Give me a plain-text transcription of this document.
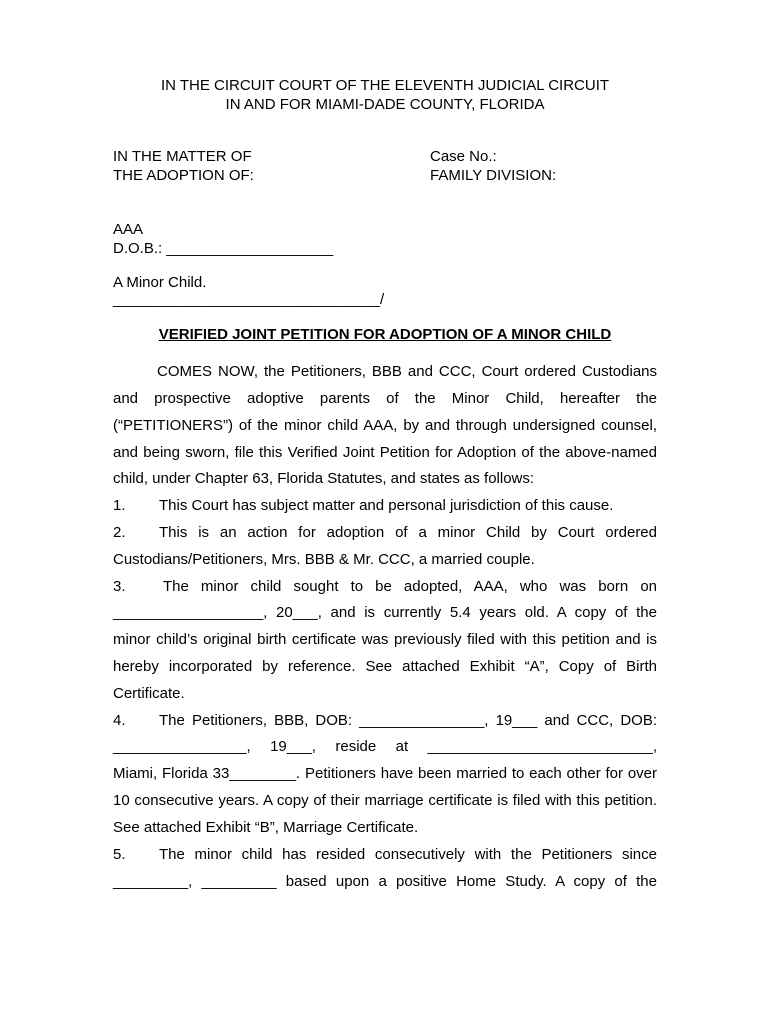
IN THE CIRCUIT COURT OF THE ELEVENTH JUDICIAL CIRCUIT
IN AND FOR MIAMI-DADE COUNTY, FLORIDA
IN THE MATTER OF
THE ADOPTION OF:
Case No.:
FAMILY DIVISION:
AAA
D.O.B.: ____________________
A Minor Child.
________________________________/
VERIFIED JOINT PETITION FOR ADOPTION OF A MINOR CHILD
COMES NOW, the Petitioners, BBB and CCC, Court ordered Custodians
and prospective adoptive parents of the Minor Child, hereafter the
(“PETITIONERS”) of the minor child AAA, by and through undersigned counsel,
and being sworn, file this Verified Joint Petition for Adoption of the above-named
child, under Chapter 63, Florida Statutes, and states as follows:
1. This Court has subject matter and personal jurisdiction of this cause.
2. This is an action for adoption of a minor Child by Court ordered
Custodians/Petitioners, Mrs. BBB & Mr. CCC, a married couple.
3. The minor child sought to be adopted, AAA, who was born on
__________________, 20___, and is currently 5.4 years old. A copy of the
minor child’s original birth certificate was previously filed with this petition and is
hereby incorporated by reference. See attached Exhibit “A”, Copy of Birth
Certificate.
4. The Petitioners, BBB, DOB: _______________, 19___ and CCC, DOB:
________________, 19___, reside at ___________________________,
Miami, Florida 33________. Petitioners have been married to each other for over
10 consecutive years. A copy of their marriage certificate is filed with this petition.
See attached Exhibit “B”, Marriage Certificate.
5. The minor child has resided consecutively with the Petitioners since
_________, _________ based upon a positive Home Study. A copy of the
